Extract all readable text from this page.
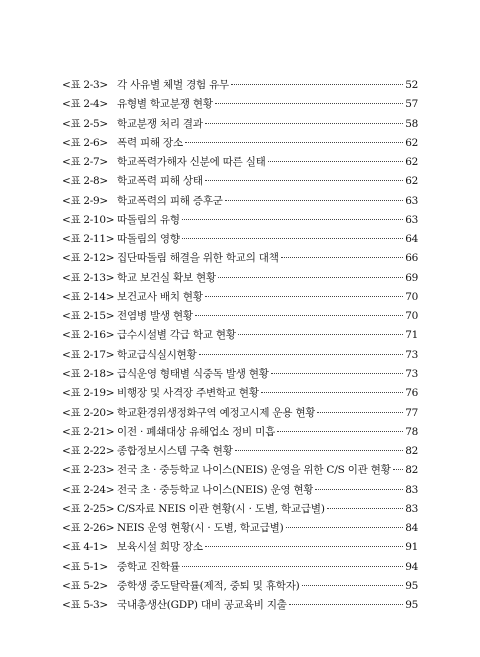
<표 2-3> 각 사유별 체벌 경험 유무	52
<표 2-4> 유형별 학교분쟁 현황	57
<표 2-5> 학교분쟁 처리 결과	58
<표 2-6> 폭력 피해 장소	62
<표 2-7> 학교폭력가해자 신분에 따른 실태	62
<표 2-8> 학교폭력 피해 상태	62
<표 2-9> 학교폭력의 피해 증후군	63
<표 2-10> 따돌림의 유형	63
<표 2-11> 따돌림의 영향	64
<표 2-12> 집단따돌림 해결을 위한 학교의 대책	66
<표 2-13> 학교 보건실 확보 현황	69
<표 2-14> 보건교사 배치 현황	70
<표 2-15> 전염병 발생 현황	70
<표 2-16> 급수시설별 각급 학교 현황	71
<표 2-17> 학교급식실시현황	73
<표 2-18> 급식운영 형태별 식중독 발생 현황	73
<표 2-19> 비행장 및 사격장 주변학교 현황	76
<표 2-20> 학교환경위생정화구역 예정고시제 운용 현황	77
<표 2-21> 이전 · 폐쇄대상 유해업소 정비 미흡	78
<표 2-22> 종합정보시스템 구축 현황	82
<표 2-23> 전국 초 · 중등학교 나이스(NEIS) 운영을 위한 C/S 이관 현황 82
<표 2-24> 전국 초 · 중등학교 나이스(NEIS) 운영 현황	83
<표 2-25> C/S자료 NEIS 이관 현황(시 · 도별, 학교급별)	83
<표 2-26> NEIS 운영 현황(시 · 도별, 학교급별)	84
<표 4-1> 보육시설 희망 장소	91
<표 5-1> 중학교 진학률	94
<표 5-2> 중학생 중도탈락률(제적, 중퇴 및 휴학자)	95
<표 5-3> 국내총생산(GDP) 대비 공교육비 지출	95
